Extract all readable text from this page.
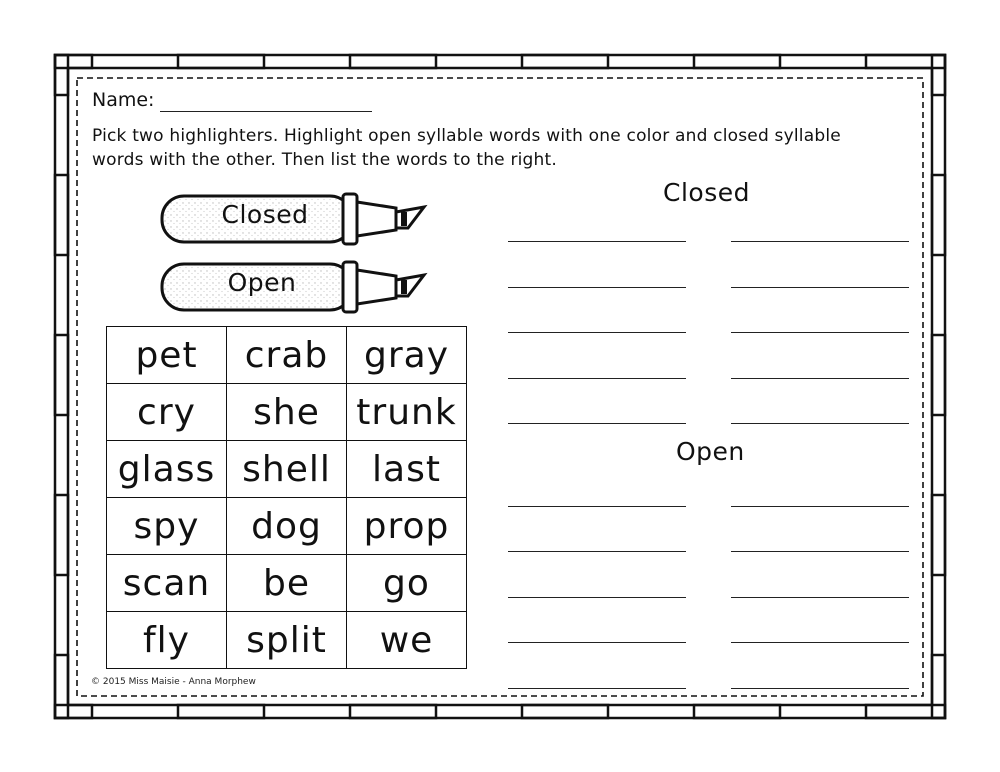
Name:
Pick two highlighters. Highlight open syllable words with one color and closed syllable words with the other. Then list the words to the right.
Closed
Open
pet	crab	gray
cry	she	trunk
glass	shell	last
spy	dog	prop
scan	be	go
fly	split	we
Closed
Open
© 2015 Miss Maisie - Anna Morphew
